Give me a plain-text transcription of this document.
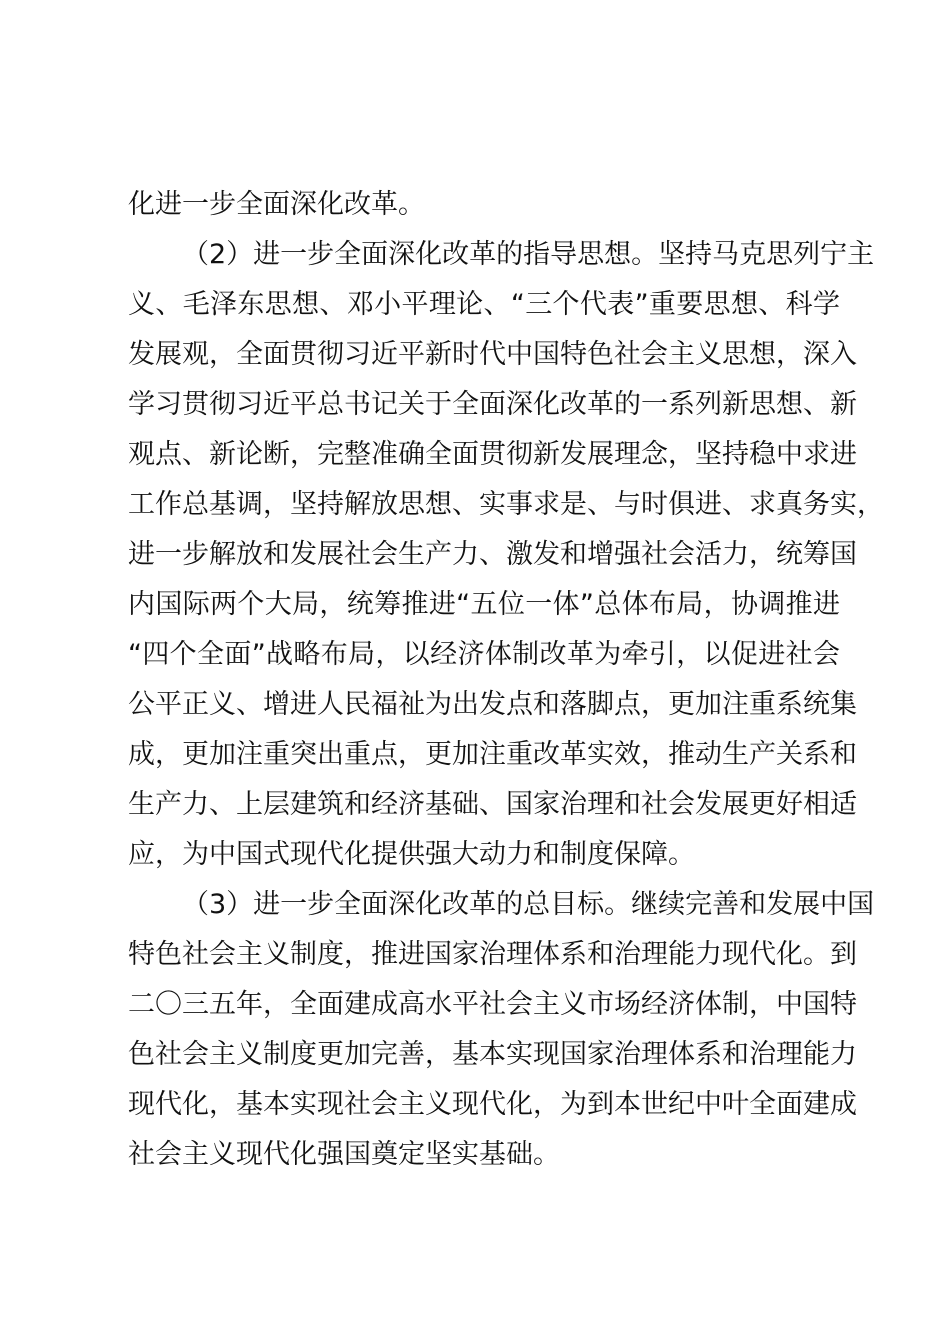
化进一步全面深化改革。
（2）进一步全面深化改革的指导思想。坚持马克思列宁主
义、毛泽东思想、邓小平理论、“三个代表”重要思想、科学
发展观，全面贯彻习近平新时代中国特色社会主义思想，深入
学习贯彻习近平总书记关于全面深化改革的一系列新思想、新
观点、新论断，完整准确全面贯彻新发展理念，坚持稳中求进
工作总基调，坚持解放思想、实事求是、与时俱进、求真务实，
进一步解放和发展社会生产力、激发和增强社会活力，统筹国
内国际两个大局，统筹推进“五位一体”总体布局，协调推进
“四个全面”战略布局，以经济体制改革为牵引，以促进社会
公平正义、增进人民福祉为出发点和落脚点，更加注重系统集
成，更加注重突出重点，更加注重改革实效，推动生产关系和
生产力、上层建筑和经济基础、国家治理和社会发展更好相适
应，为中国式现代化提供强大动力和制度保障。
（3）进一步全面深化改革的总目标。继续完善和发展中国
特色社会主义制度，推进国家治理体系和治理能力现代化。到
二〇三五年，全面建成高水平社会主义市场经济体制，中国特
色社会主义制度更加完善，基本实现国家治理体系和治理能力
现代化，基本实现社会主义现代化，为到本世纪中叶全面建成
社会主义现代化强国奠定坚实基础。
